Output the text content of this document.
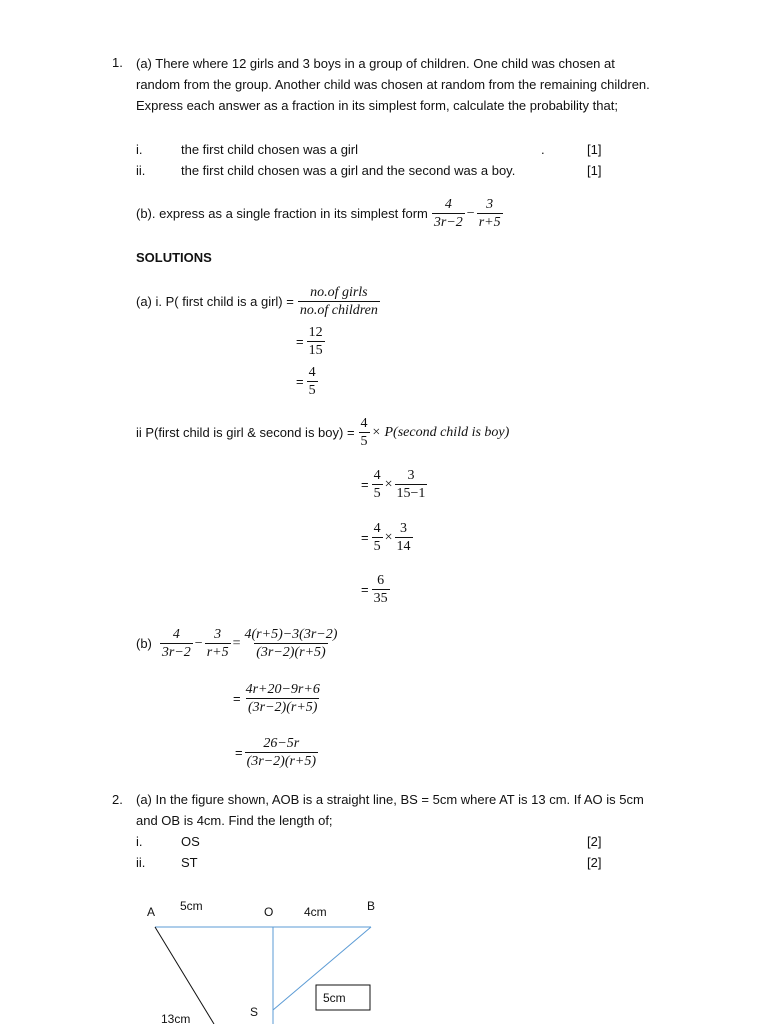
1. (a) There where 12 girls and 3 boys in a group of children. One child was chosen at random from the group. Another child was chosen at random from the remaining children. Express each answer as a fraction in its simplest form, calculate the probability that;
i.	the first child chosen was a girl	.	[1]
ii.	the first child chosen was a girl and the second was a boy.	[1]
(b). express as a single fraction in its simplest form $\frac{4}{3r-2} - \frac{3}{r+5}$
SOLUTIONS
(a) i. P( first child is a girl) = $\frac{\text{no.of girls}}{\text{no.of children}}$
= $\frac{12}{15}$
= $\frac{4}{5}$
ii P(first child is girl & second is $boy) = \frac{4}{5}$ × P(second child is boy)
= $\frac{4}{5} \times \frac{3}{15-1}$
= $\frac{4}{5} \times \frac{3}{14}$
= $\frac{6}{35}$
$(b) \frac{4}{3r-2} - \frac{3}{r+5} = \frac{4(r+5)-3(3r-2)}{(3r-2)(r+5)}$
= $\frac{4r+20-9r+6}{(3r-2)(r+5)}$
= $\frac{26-5r}{(3r-2)(r+5)}$
2. (a) In the figure shown, AOB is a straight line, BS = 5cm where AT is 13 cm. If AO is 5cm and OB is 4cm. Find the length of;
i.	OS	[2]
ii.	ST	[2]
A 5cm	O	4cm	B
5cm
S
13cm
